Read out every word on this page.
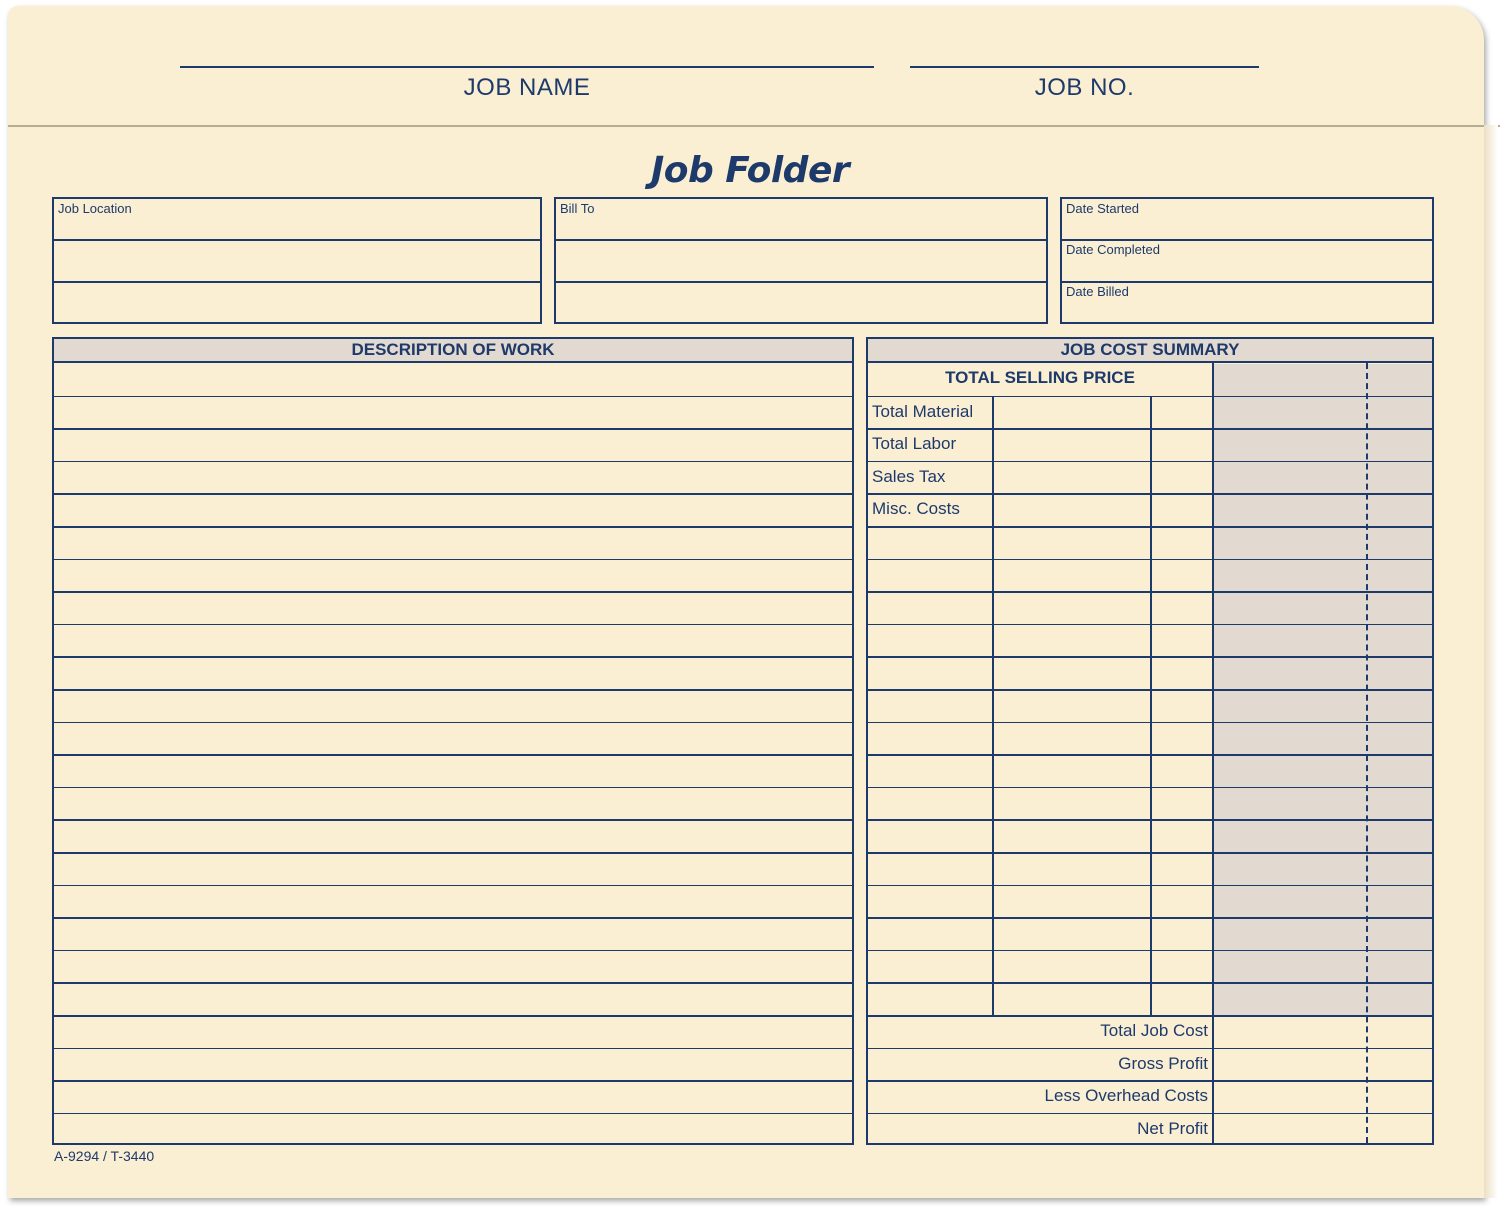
JOB NAME	JOB NO.
Job Folder
Job Location	Bill To	Date Started
Date Completed
Date Billed
DESCRIPTION OF WORK	JOB COST SUMMARY
TOTAL SELLING PRICE
Total Material
Total Labor
Sales Tax
Misc. Costs
Total Job Cost
Gross Profit
Less Overhead Costs
Net Profit
A-9294 / T-3440
